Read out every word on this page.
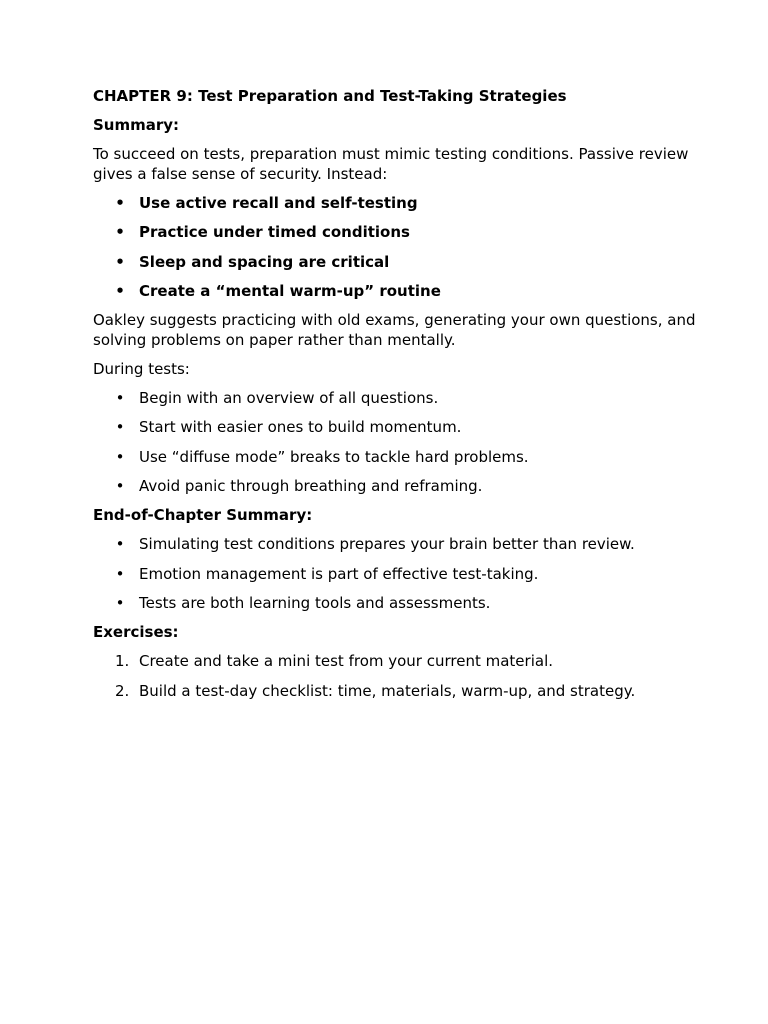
CHAPTER 9: Test Preparation and Test-Taking Strategies

Summary:

To succeed on tests, preparation must mimic testing conditions. Passive review gives a false sense of security. Instead:

• Use active recall and self-testing
• Practice under timed conditions
• Sleep and spacing are critical
• Create a “mental warm-up” routine

Oakley suggests practicing with old exams, generating your own questions, and solving problems on paper rather than mentally.

During tests:

• Begin with an overview of all questions.
• Start with easier ones to build momentum.
• Use “diffuse mode” breaks to tackle hard problems.
• Avoid panic through breathing and reframing.

End-of-Chapter Summary:

• Simulating test conditions prepares your brain better than review.
• Emotion management is part of effective test-taking.
• Tests are both learning tools and assessments.

Exercises:

1. Create and take a mini test from your current material.
2. Build a test-day checklist: time, materials, warm-up, and strategy.
